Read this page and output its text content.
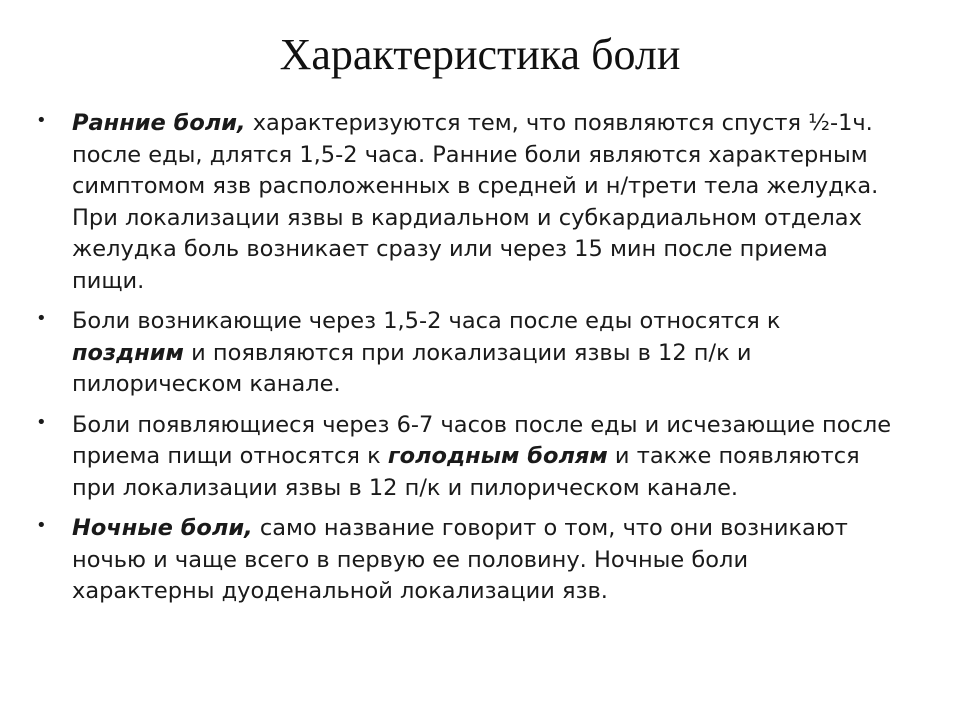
Характеристика боли
• Ранние боли, характеризуются тем, что появляются спустя ½-1ч. после еды, длятся 1,5-2 часа. Ранние боли являются характерным симптомом язв расположенных в средней и н/трети тела желудка. При локализации язвы в кардиальном и субкардиальном отделах желудка боль возникает сразу или через 15 мин после приема пищи.
• Боли возникающие через 1,5-2 часа после еды относятся к поздним и появляются при локализации язвы в 12 п/к и пилорическом канале.
• Боли появляющиеся через 6-7 часов после еды и исчезающие после приема пищи относятся к голодным болям и также появляются при локализации язвы в 12 п/к и пилорическом канале.
• Ночные боли, само название говорит о том, что они возникают ночью и чаще всего в первую ее половину. Ночные боли характерны дуоденальной локализации язв.
